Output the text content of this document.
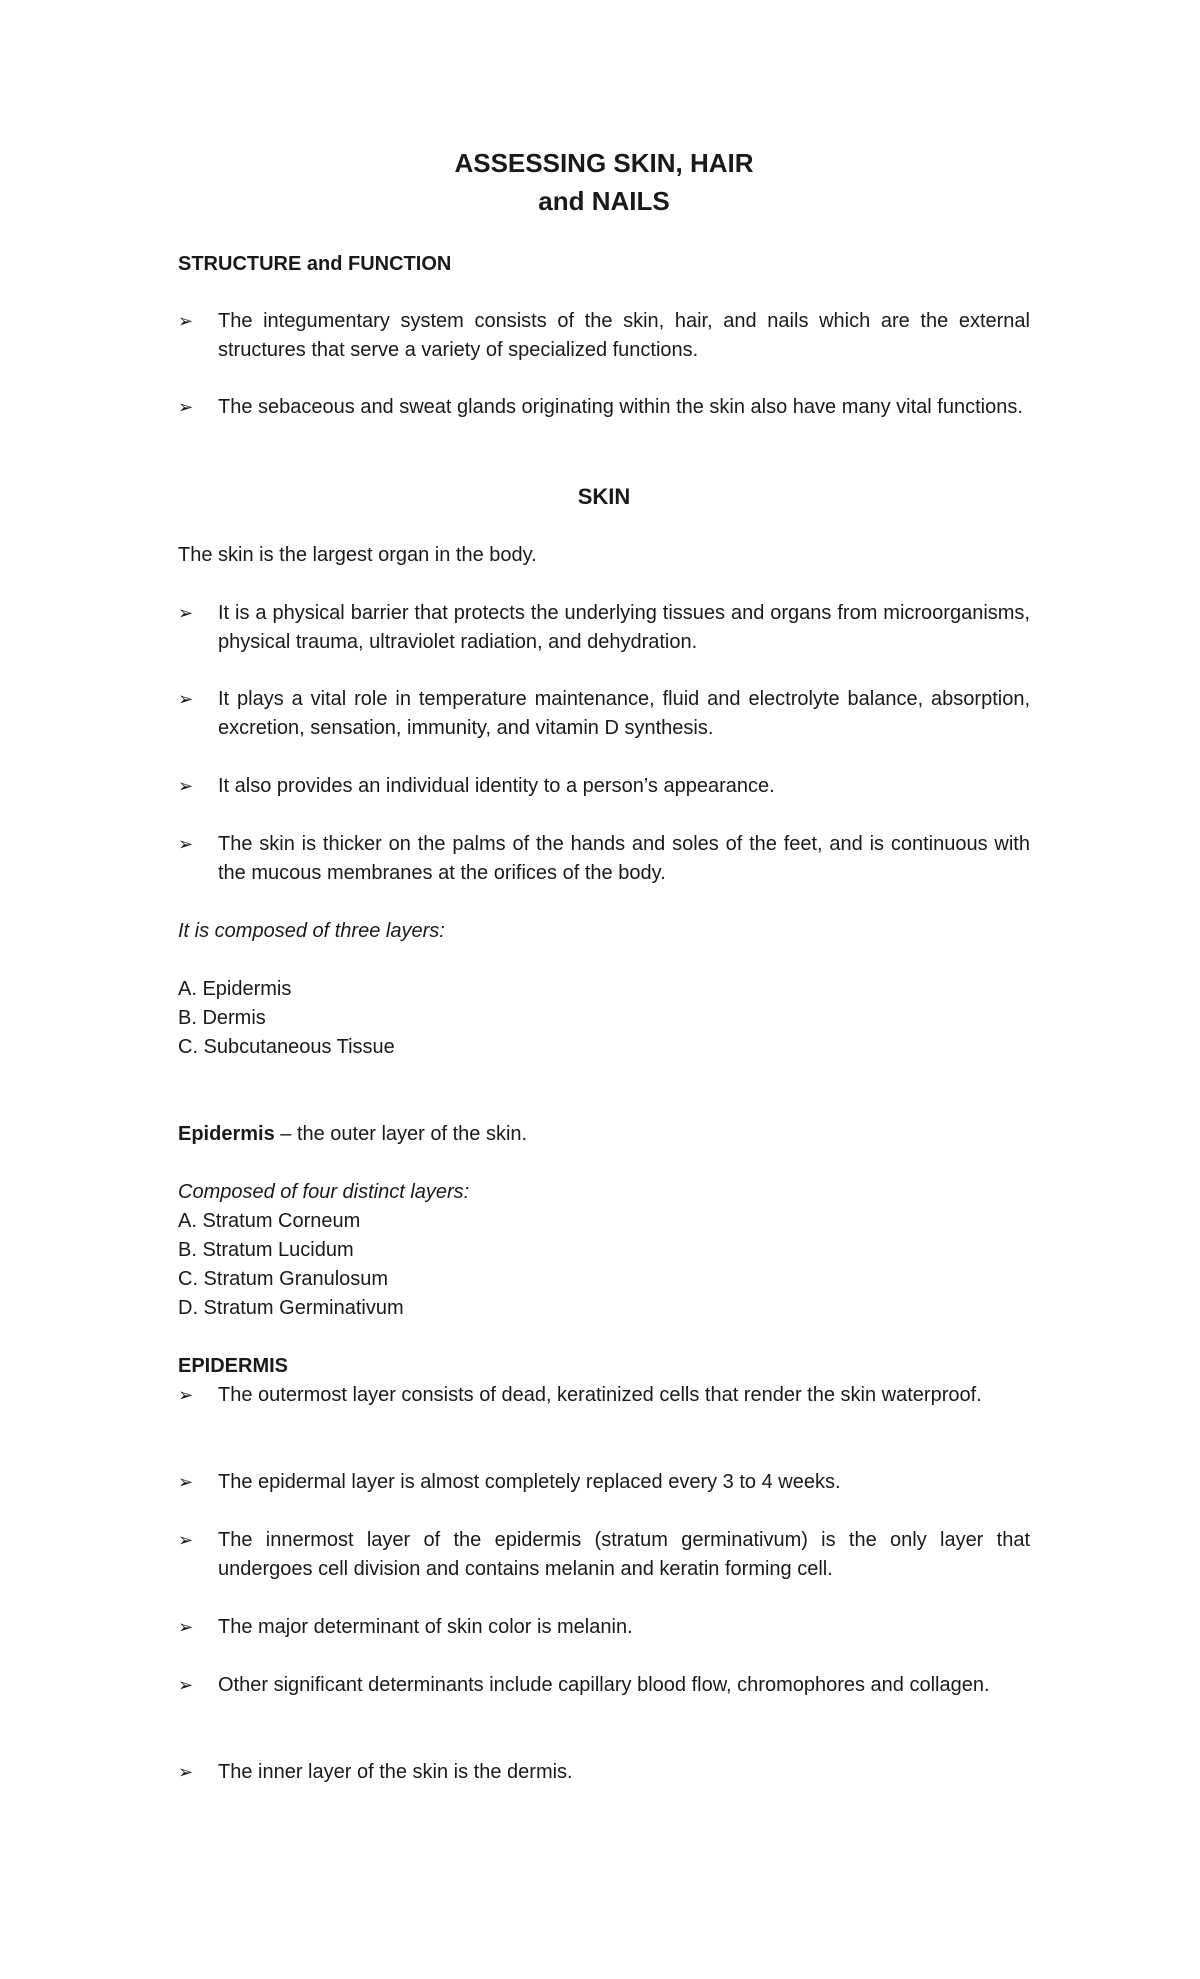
ASSESSING SKIN, HAIR
and NAILS

STRUCTURE and FUNCTION

➢	The integumentary system consists of the skin, hair, and nails which are the external structures that serve a variety of specialized functions.

➢	The sebaceous and sweat glands originating within the skin also have many vital functions.

SKIN

The skin is the largest organ in the body.

➢	It is a physical barrier that protects the underlying tissues and organs from microorganisms, physical trauma, ultraviolet radiation, and dehydration.

➢	It plays a vital role in temperature maintenance, fluid and electrolyte balance, absorption, excretion, sensation, immunity, and vitamin D synthesis.

➢	It also provides an individual identity to a person’s appearance.

➢	The skin is thicker on the palms of the hands and soles of the feet, and is continuous with the mucous membranes at the orifices of the body.

It is composed of three layers:

A. Epidermis
B. Dermis
C. Subcutaneous Tissue

Epidermis – the outer layer of the skin.

Composed of four distinct layers:

A. Stratum Corneum
B. Stratum Lucidum
C. Stratum Granulosum
D. Stratum Germinativum

EPIDERMIS

➢	The outermost layer consists of dead, keratinized cells that render the skin waterproof.

➢	The epidermal layer is almost completely replaced every 3 to 4 weeks.

➢	The innermost layer of the epidermis (stratum germinativum) is the only layer that undergoes cell division and contains melanin and keratin forming cell.

➢	The major determinant of skin color is melanin.

➢	Other significant determinants include capillary blood flow, chromophores and collagen.

➢	The inner layer of the skin is the dermis.
